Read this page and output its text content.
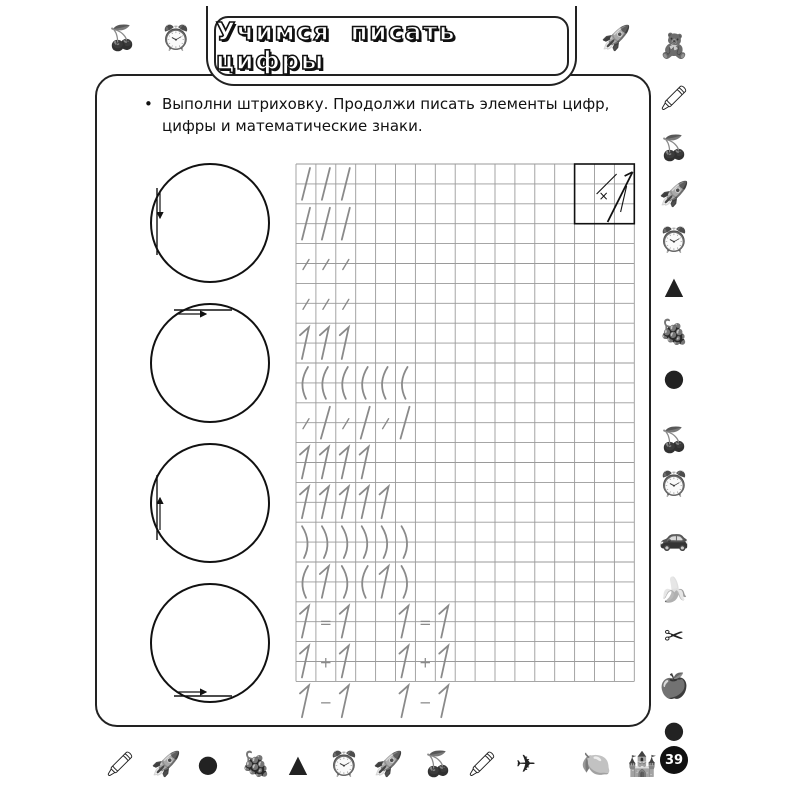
Учимся писать цифры
• Выполни штриховку. Продолжи писать элементы цифр,
цифры и математические знаки.
×
=	=
+	+
−	−
🧸
🖍
🍒
🚀
⏰
▲
🍇
●
🍒
⏰
🚗
🍌
✂
🍎
●
🖍 🚀 ● 🍇 ▲ ⏰ 🚀 🍒 🖍 ✈	🍋 🏰
🍒 ⏰	🚀
39
